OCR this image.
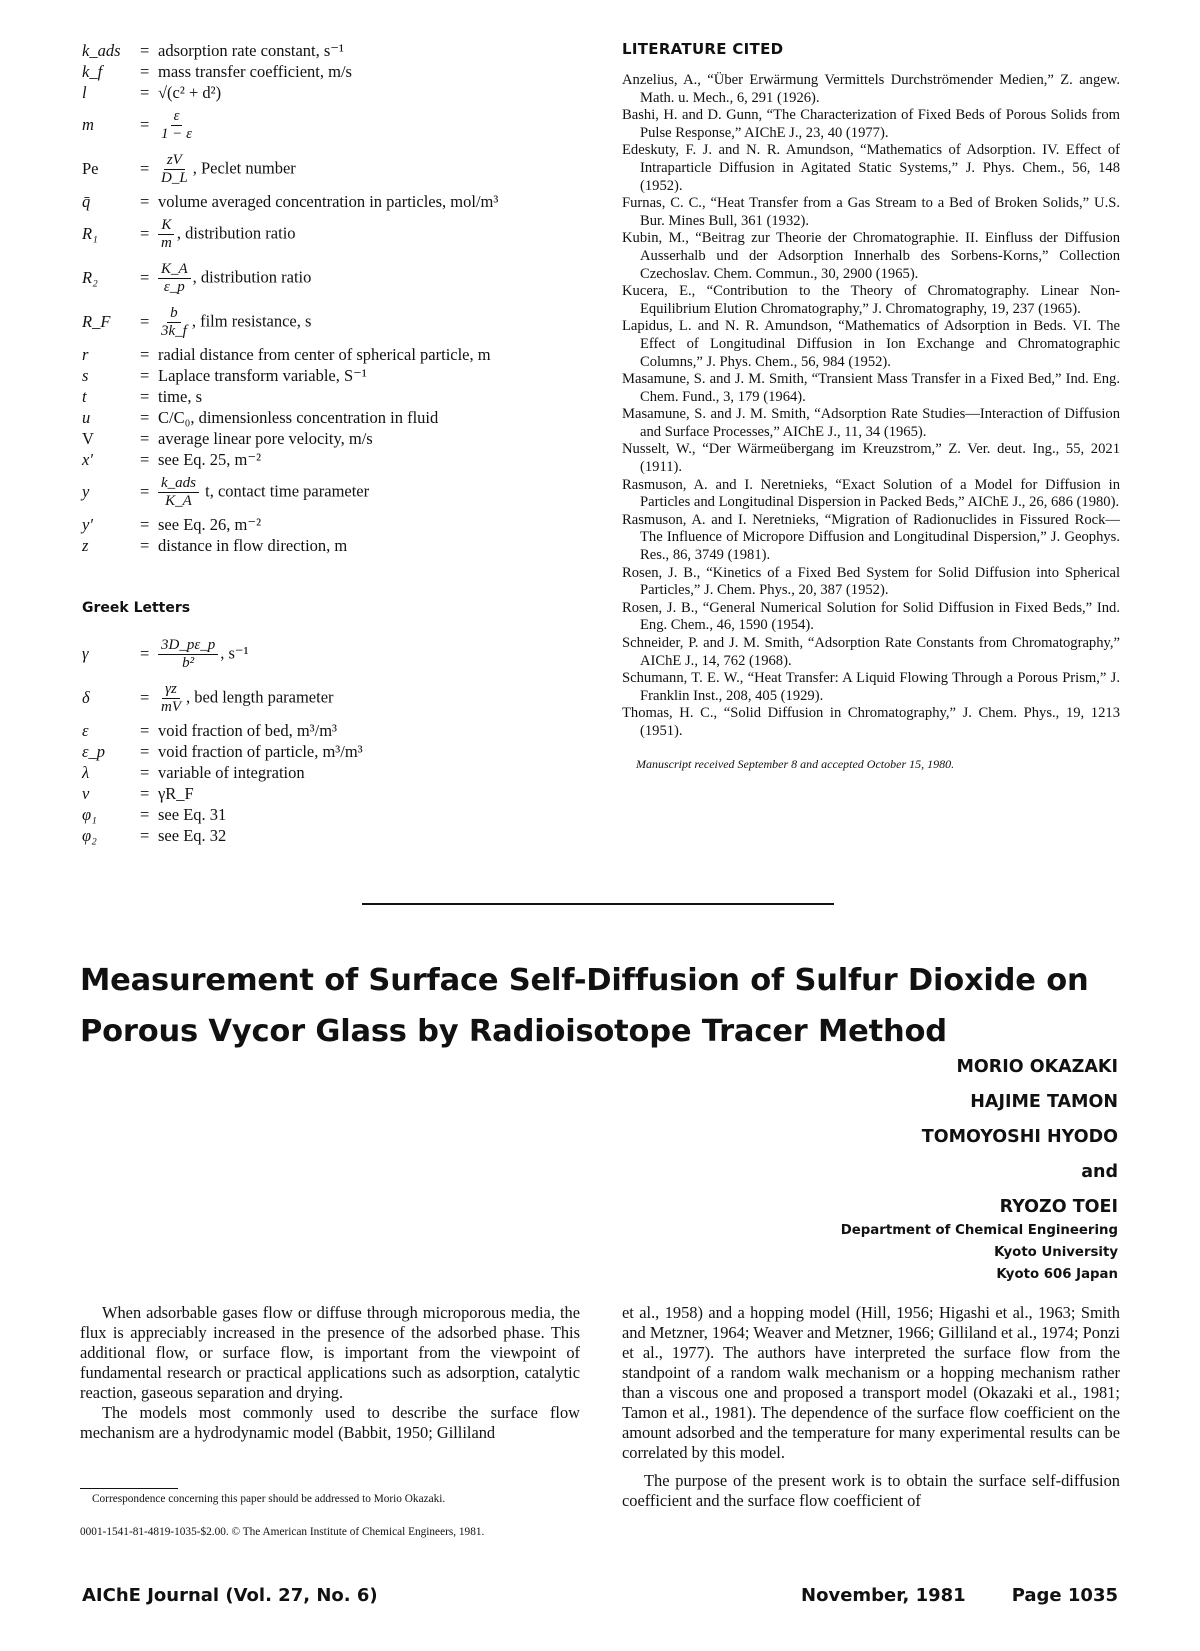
k_ads	= adsorption rate constant, s⁻¹
k_f	= mass transfer coefficient, m/s
l	= √(c² + d²)
m	= $\frac{\varepsilon}{1 - \varepsilon}$
Pe	= $\frac{zV}{D\_L}$ , Peclet number
q̄	= volume averaged concentration in particles, mol/m³
R₁	= $\frac{K}{m}$ , distribution ratio
R₂	= $\frac{K\_A}{\varepsilon\_p}$ , distribution ratio
R_F	= $\frac{b}{3k\_f}$ , film resistance, s
r	= radial distance from center of spherical particle, m
s	= Laplace transform variable, S⁻¹
t	= time, s
u	= C/C₀, dimensionless concentration in fluid
V	= average linear pore velocity, m/s
x′	= see Eq. 25, m⁻²
y	= $\frac{\text{k\_ads}}{K\_A} t$, contact time parameter
y′	= see Eq. 26, m⁻²
z	= distance in flow direction, m
Greek Letters
γ	= $\frac{3D\_p\varepsilon\_p}{\text{b²}}$ , s⁻¹
δ	= $\frac{\gamma z}{mV}$ , bed length parameter
ε	= void fraction of bed, m³/m³
ε_p	= void fraction of particle, m³/m³
λ	= variable of integration
ν	= γR_F
φ₁	= see Eq. 31
φ₂	= see Eq. 32
LITERATURE CITED

Anzelius, A., “Über Erwärmung Vermittels Durchströmender Medien,” Z. angew. Math. u. Mech., 6, 291 (1926).

Bashi, H. and D. Gunn, “The Characterization of Fixed Beds of Porous Solids from Pulse Response,” AIChE J., 23, 40 (1977).

Edeskuty, F. J. and N. R. Amundson, “Mathematics of Adsorption. IV. Effect of Intraparticle Diffusion in Agitated Static Systems,” J. Phys. Chem., 56, 148 (1952).

Furnas, C. C., “Heat Transfer from a Gas Stream to a Bed of Broken Solids,” U.S. Bur. Mines Bull, 361 (1932).

Kubin, M., “Beitrag zur Theorie der Chromatographie. II. Einfluss der Diffusion Ausserhalb und der Adsorption Innerhalb des Sorbens-Korns,” Collection Czechoslav. Chem. Commun., 30, 2900 (1965).

Kucera, E., “Contribution to the Theory of Chromatography. Linear Non-Equilibrium Elution Chromatography,” J. Chromatography, 19, 237 (1965).

Lapidus, L. and N. R. Amundson, “Mathematics of Adsorption in Beds. VI. The Effect of Longitudinal Diffusion in Ion Exchange and Chromatographic Columns,” J. Phys. Chem., 56, 984 (1952).

Masamune, S. and J. M. Smith, “Transient Mass Transfer in a Fixed Bed,” Ind. Eng. Chem. Fund., 3, 179 (1964).

Masamune, S. and J. M. Smith, “Adsorption Rate Studies—Interaction of Diffusion and Surface Processes,” AIChE J., 11, 34 (1965).

Nusselt, W., “Der Wärmeübergang im Kreuzstrom,” Z. Ver. deut. Ing., 55, 2021 (1911).

Rasmuson, A. and I. Neretnieks, “Exact Solution of a Model for Diffusion in Particles and Longitudinal Dispersion in Packed Beds,” AIChE J., 26, 686 (1980).

Rasmuson, A. and I. Neretnieks, “Migration of Radionuclides in Fissured Rock—The Influence of Micropore Diffusion and Longitudinal Dispersion,” J. Geophys. Res., 86, 3749 (1981).

Rosen, J. B., “Kinetics of a Fixed Bed System for Solid Diffusion into Spherical Particles,” J. Chem. Phys., 20, 387 (1952).

Rosen, J. B., “General Numerical Solution for Solid Diffusion in Fixed Beds,” Ind. Eng. Chem., 46, 1590 (1954).

Schneider, P. and J. M. Smith, “Adsorption Rate Constants from Chromatography,” AIChE J., 14, 762 (1968).

Schumann, T. E. W., “Heat Transfer: A Liquid Flowing Through a Porous Prism,” J. Franklin Inst., 208, 405 (1929).

Thomas, H. C., “Solid Diffusion in Chromatography,” J. Chem. Phys., 19, 1213 (1951).

Manuscript received September 8 and accepted October 15, 1980.
Measurement of Surface Self-Diffusion of Sulfur Dioxide on
Porous Vycor Glass by Radioisotope Tracer Method
MORIO OKAZAKI
HAJIME TAMON
TOMOYOSHI HYODO
and
RYOZO TOEI
Department of Chemical Engineering
Kyoto University
Kyoto 606 Japan

When adsorbable gases flow or diffuse through microporous media, the flux is appreciably increased in the presence of the adsorbed phase. This additional flow, or surface flow, is important from the viewpoint of fundamental research or practical applications such as adsorption, catalytic reaction, gaseous separation and drying.

The models most commonly used to describe the surface flow mechanism are a hydrodynamic model (Babbit, 1950; Gilliland

Correspondence concerning this paper should be addressed to Morio Okazaki.
0001-1541-81-4819-1035-$2.00. © The American Institute of Chemical Engineers, 1981.

et al., 1958) and a hopping model (Hill, 1956; Higashi et al., 1963; Smith and Metzner, 1964; Weaver and Metzner, 1966; Gilliland et al., 1974; Ponzi et al., 1977). The authors have interpreted the surface flow from the standpoint of a random walk mechanism or a hopping mechanism rather than a viscous one and proposed a transport model (Okazaki et al., 1981; Tamon et al., 1981). The dependence of the surface flow coefficient on the amount adsorbed and the temperature for many experimental results can be correlated by this model.

The purpose of the present work is to obtain the surface self-diffusion coefficient and the surface flow coefficient of

AIChE Journal (Vol. 27, No. 6)	November, 1981	Page 1035
